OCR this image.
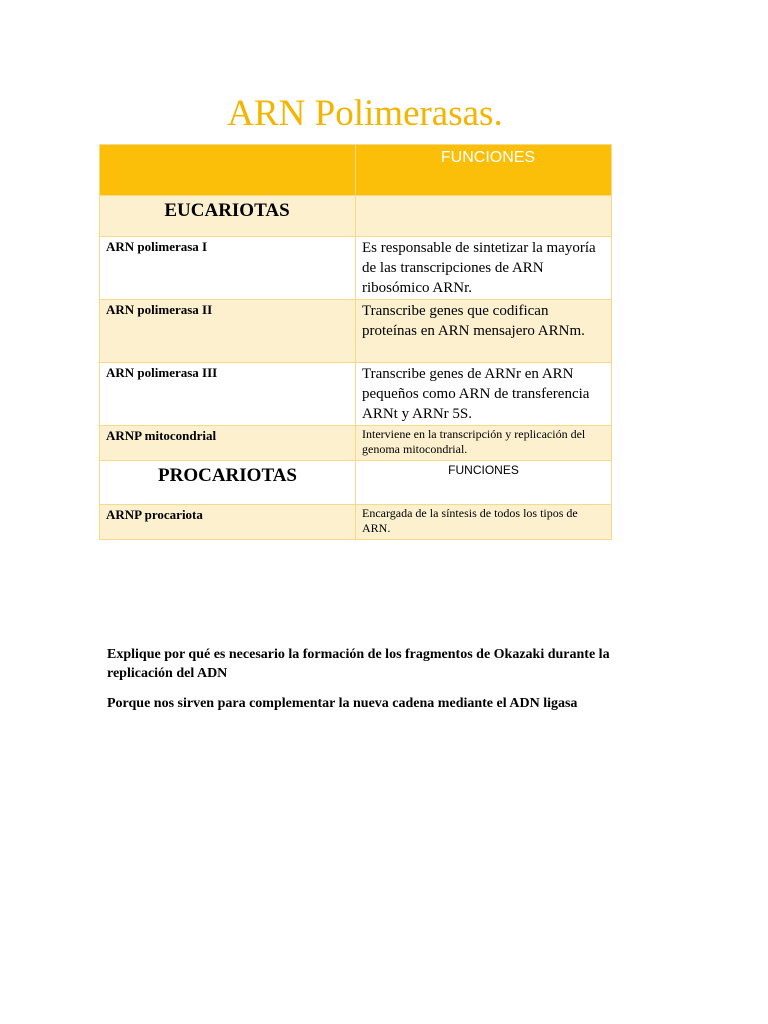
ARN Polimerasas.
	FUNCIONES
EUCARIOTAS	
ARN polimerasa I	Es responsable de sintetizar la mayoría de las transcripciones de ARN ribosómico ARNr.
ARN polimerasa II	Transcribe genes que codifican proteínas en ARN mensajero ARNm.
ARN polimerasa III	Transcribe genes de ARNr en ARN pequeños como ARN de transferencia ARNt y ARNr 5S.
ARNP mitocondrial	Interviene en la transcripción y replicación del genoma mitocondrial.
PROCARIOTAS	FUNCIONES
ARNP procariota	Encargada de la síntesis de todos los tipos de ARN.
Explique por qué es necesario la formación de los fragmentos de Okazaki durante la replicación del ADN
Porque nos sirven para complementar la nueva cadena mediante el ADN ligasa
